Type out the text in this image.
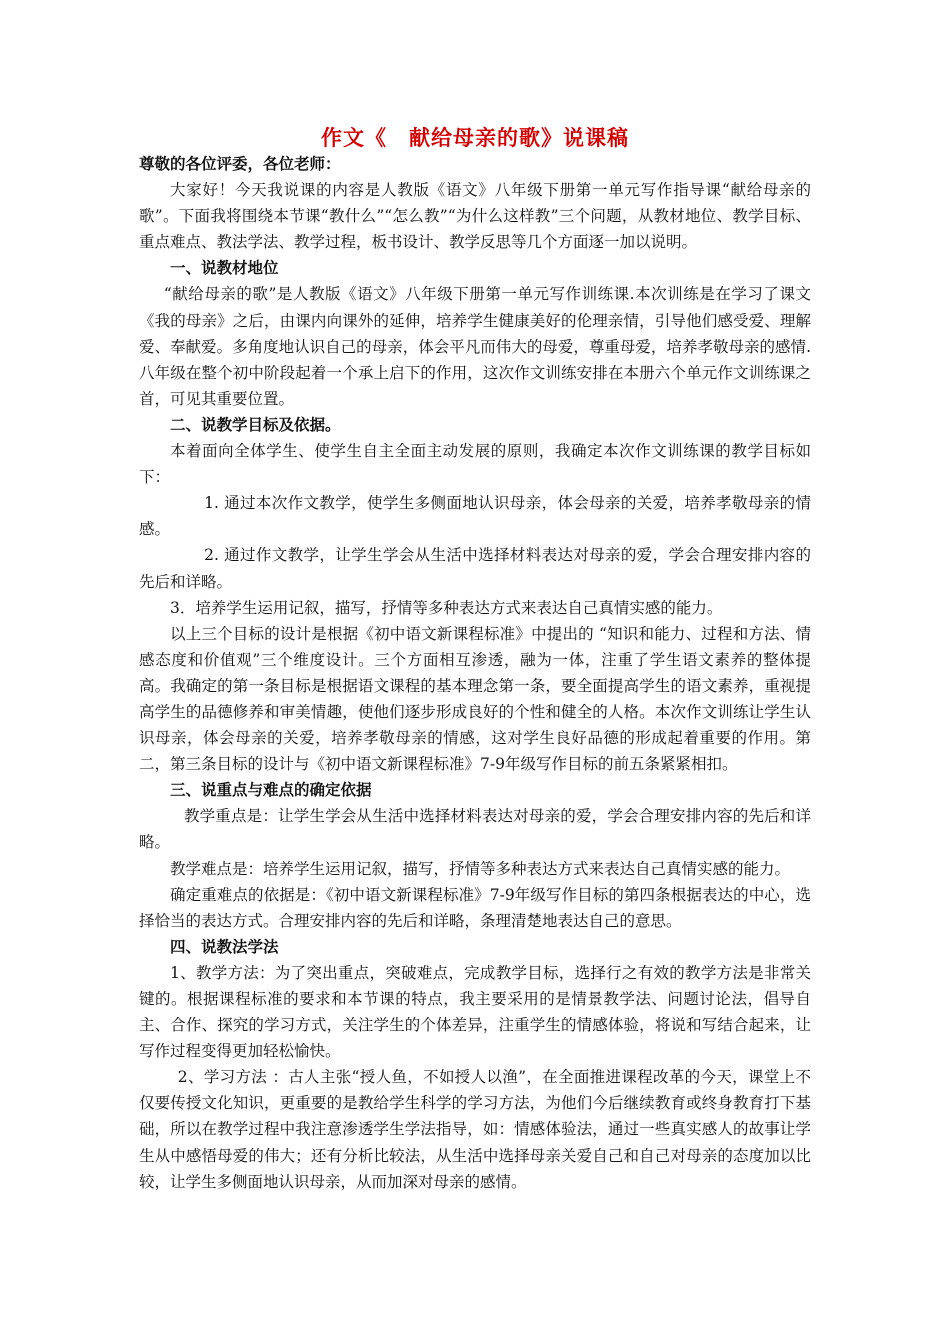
作文《　献给母亲的歌》说课稿

尊敬的各位评委，各位老师：

大家好！今天我说课的内容是人教版《语文》八年级下册第一单元写作指导课“献给母亲的歌”。下面我将围绕本节课“教什么”“怎么教”“为什么这样教”三个问题，从教材地位、教学目标、重点难点、教法学法、教学过程，板书设计、教学反思等几个方面逐一加以说明。

一、说教材地位

“献给母亲的歌”是人教版《语文》八年级下册第一单元写作训练课.本次训练是在学习了课文《我的母亲》之后，由课内向课外的延伸，培养学生健康美好的伦理亲情，引导他们感受爱、理解爱、奉献爱。多角度地认识自己的母亲，体会平凡而伟大的母爱，尊重母爱，培养孝敬母亲的感情.八年级在整个初中阶段起着一个承上启下的作用，这次作文训练安排在本册六个单元作文训练课之首，可见其重要位置。

二、说教学目标及依据。

本着面向全体学生、使学生自主全面主动发展的原则，我确定本次作文训练课的教学目标如下：

1. 通过本次作文教学，使学生多侧面地认识母亲，体会母亲的关爱，培养孝敬母亲的情感。

2. 通过作文教学，让学生学会从生活中选择材料表达对母亲的爱，学会合理安排内容的先后和详略。

3．培养学生运用记叙，描写，抒情等多种表达方式来表达自己真情实感的能力。

以上三个目标的设计是根据《初中语文新课程标准》中提出的 “知识和能力、过程和方法、情感态度和价值观”三个维度设计。三个方面相互渗透，融为一体，注重了学生语文素养的整体提高。我确定的第一条目标是根据语文课程的基本理念第一条，要全面提高学生的语文素养，重视提高学生的品德修养和审美情趣，使他们逐步形成良好的个性和健全的人格。本次作文训练让学生认识母亲，体会母亲的关爱，培养孝敬母亲的情感，这对学生良好品德的形成起着重要的作用。第二，第三条目标的设计与《初中语文新课程标准》7-9年级写作目标的前五条紧紧相扣。

三、说重点与难点的确定依据

教学重点是：让学生学会从生活中选择材料表达对母亲的爱，学会合理安排内容的先后和详略。

教学难点是：培养学生运用记叙，描写，抒情等多种表达方式来表达自己真情实感的能力。

确定重难点的依据是：《初中语文新课程标准》7-9年级写作目标的第四条根据表达的中心，选择恰当的表达方式。合理安排内容的先后和详略，条理清楚地表达自己的意思。

四、说教法学法

1、教学方法：为了突出重点，突破难点，完成教学目标，选择行之有效的教学方法是非常关键的。根据课程标准的要求和本节课的特点，我主要采用的是情景教学法、问题讨论法，倡导自主、合作、探究的学习方式，关注学生的个体差异，注重学生的情感体验，将说和写结合起来，让写作过程变得更加轻松愉快。

2、学习方法 ：古人主张“授人鱼，不如授人以渔”，在全面推进课程改革的今天，课堂上不仅要传授文化知识，更重要的是教给学生科学的学习方法，为他们今后继续教育或终身教育打下基础，所以在教学过程中我注意渗透学生学法指导，如：情感体验法，通过一些真实感人的故事让学生从中感悟母爱的伟大；还有分析比较法，从生活中选择母亲关爱自己和自己对母亲的态度加以比较，让学生多侧面地认识母亲，从而加深对母亲的感情。
